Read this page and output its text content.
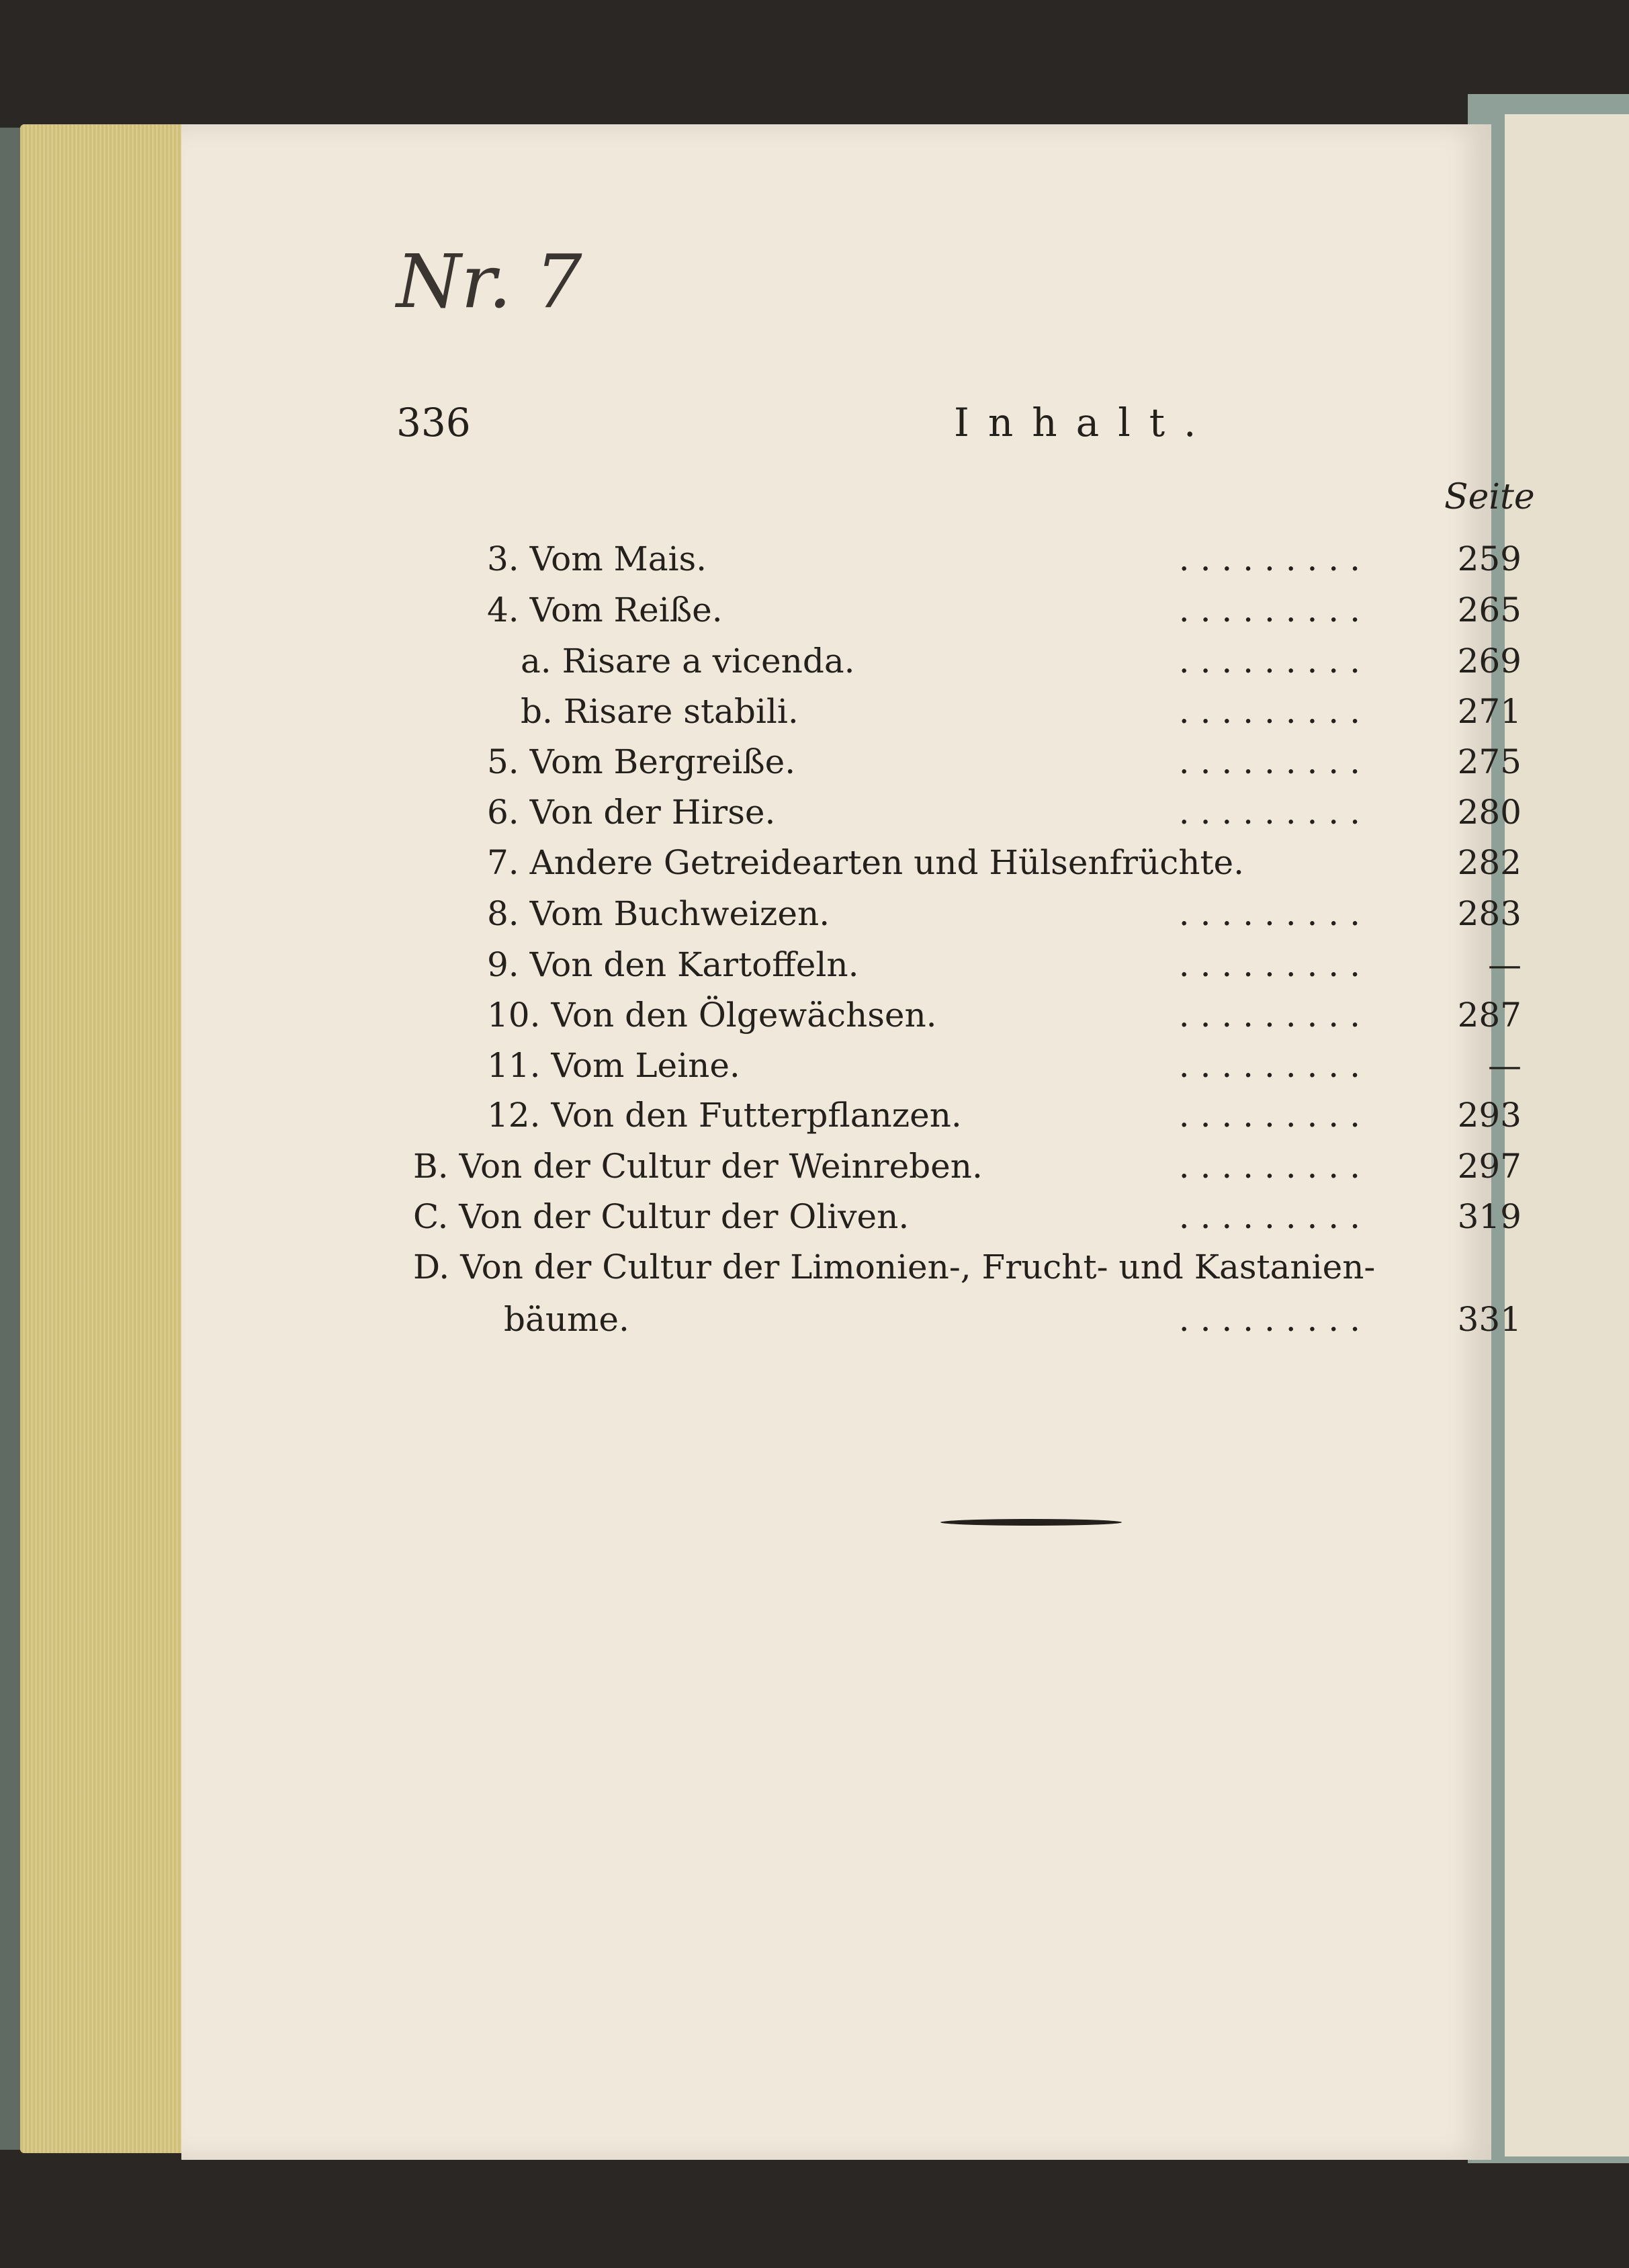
Nr. 7
336	Inhalt.
Seite
3. Vom Mais.	. . . . . . . . .	259
4. Vom Reiße.	. . . . . . . . .	265
a. Risare a vicenda.	. . . . . . . . .	269
b. Risare stabili.	. . . . . . . . .	271
5. Vom Bergreiße.	. . . . . . . . .	275
6. Von der Hirse.	. . . . . . . . .	280
7. Andere Getreidearten und Hülsenfrüchte.	282
8. Vom Buchweizen.	. . . . . . . . .	283
9. Von den Kartoffeln.	. . . . . . . . .	—
10. Von den Ölgewächsen.	. . . . . . . . .	287
11. Vom Leine.	. . . . . . . . .	—
12. Von den Futterpflanzen.	. . . . . . . . .	293
B. Von der Cultur der Weinreben.	. . . . . . . . .	297
C. Von der Cultur der Oliven.	. . . . . . . . .	319
D. Von der Cultur der Limonien-, Frucht- und Kastanien-
bäume.	. . . . . . . . .	331
